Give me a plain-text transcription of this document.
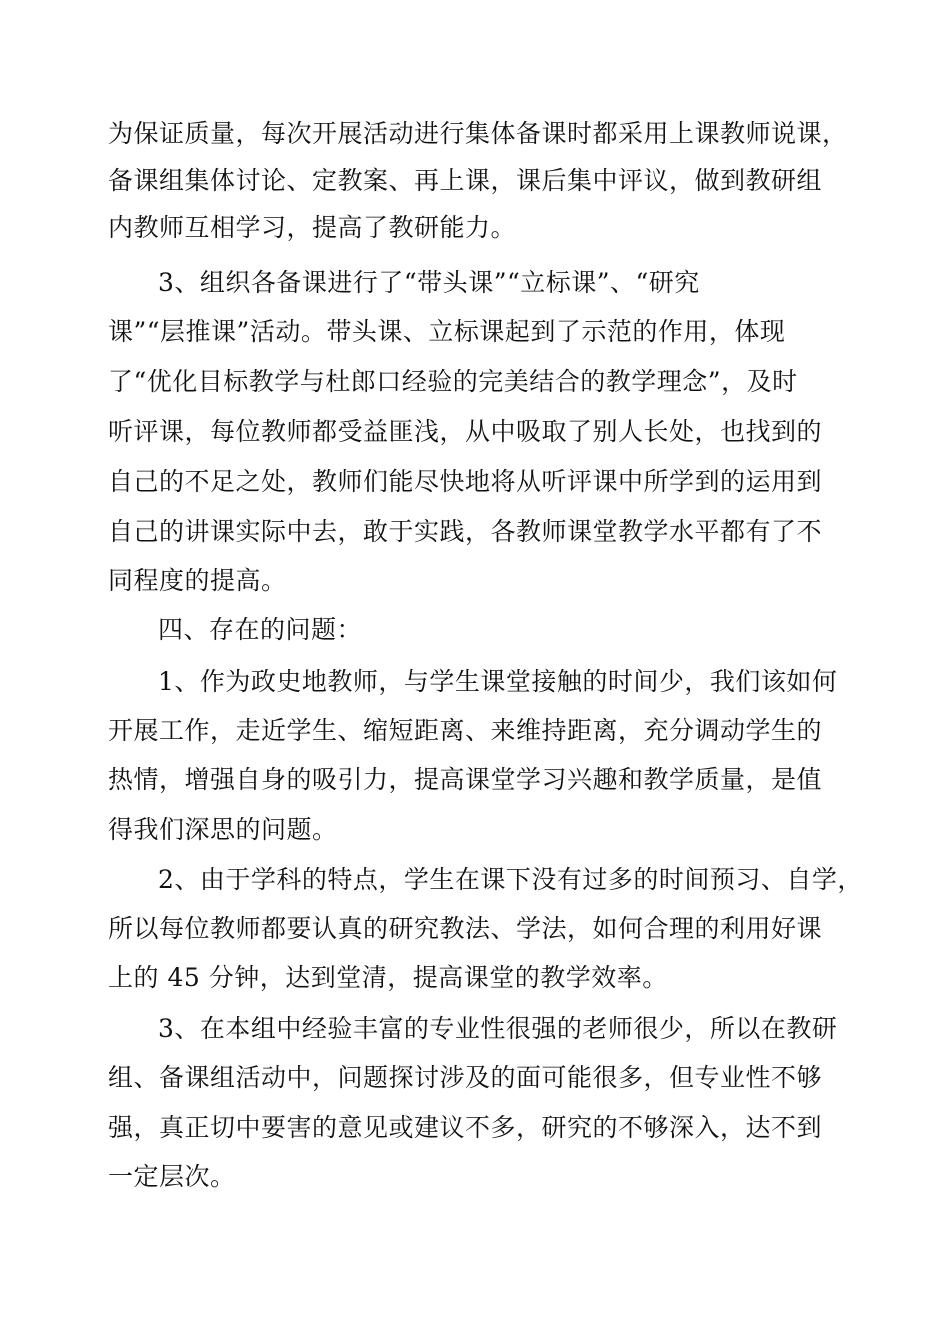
为保证质量，每次开展活动进行集体备课时都采用上课教师说课，
备课组集体讨论、定教案、再上课，课后集中评议，做到教研组
内教师互相学习，提高了教研能力。
3、组织各备课进行了“带头课”“立标课”、“研究
课”“层推课”活动。带头课、立标课起到了示范的作用，体现
了“优化目标教学与杜郎口经验的完美结合的教学理念”，及时
听评课，每位教师都受益匪浅，从中吸取了别人长处，也找到的
自己的不足之处，教师们能尽快地将从听评课中所学到的运用到
自己的讲课实际中去，敢于实践，各教师课堂教学水平都有了不
同程度的提高。
四、存在的问题：
1、作为政史地教师，与学生课堂接触的时间少，我们该如何
开展工作，走近学生、缩短距离、来维持距离，充分调动学生的
热情，增强自身的吸引力，提高课堂学习兴趣和教学质量，是值
得我们深思的问题。
2、由于学科的特点，学生在课下没有过多的时间预习、自学，
所以每位教师都要认真的研究教法、学法，如何合理的利用好课
上的 45 分钟，达到堂清，提高课堂的教学效率。
3、在本组中经验丰富的专业性很强的老师很少，所以在教研
组、备课组活动中，问题探讨涉及的面可能很多，但专业性不够
强，真正切中要害的意见或建议不多，研究的不够深入，达不到
一定层次。
